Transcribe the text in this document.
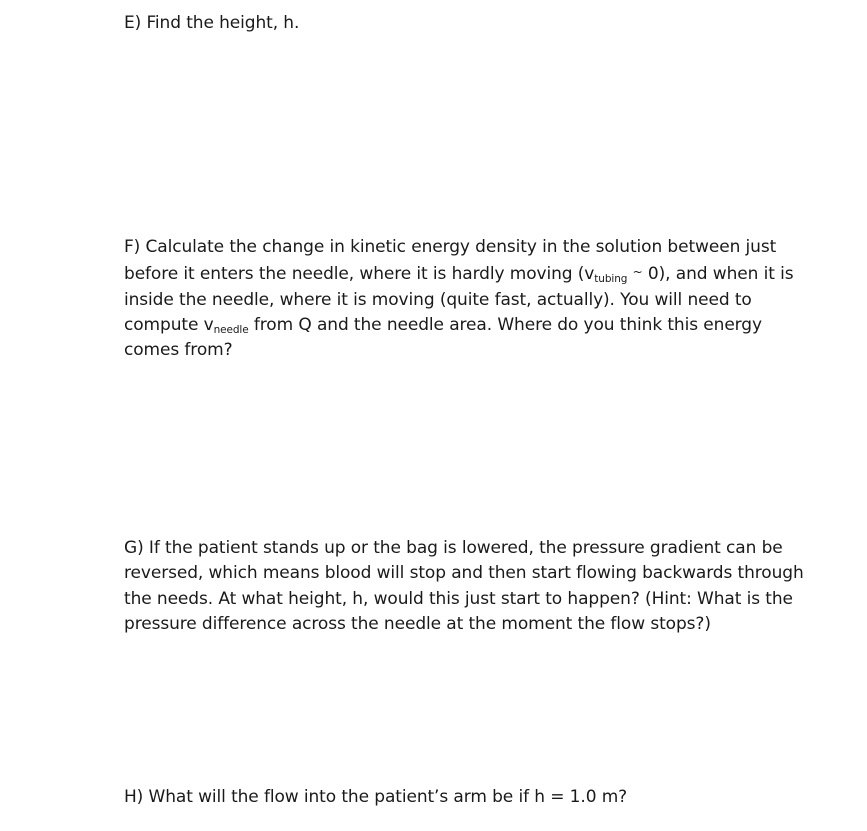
E) Find the height, h.

F) Calculate the change in kinetic energy density in the solution between just
before it enters the needle, where it is hardly moving ($v_{tubing}$ ~ 0), and when it is
inside the needle, where it is moving (quite fast, actually). You will need to
compute $v_{needle}$ from Q and the needle area. Where do you think this energy
comes from?

G) If the patient stands up or the bag is lowered, the pressure gradient can be
reversed, which means blood will stop and then start flowing backwards through
the needs. At what height, h, would this just start to happen? (Hint: What is the
pressure difference across the needle at the moment the flow stops?)

H) What will the flow into the patient’s arm be if h = 1.0 m?
